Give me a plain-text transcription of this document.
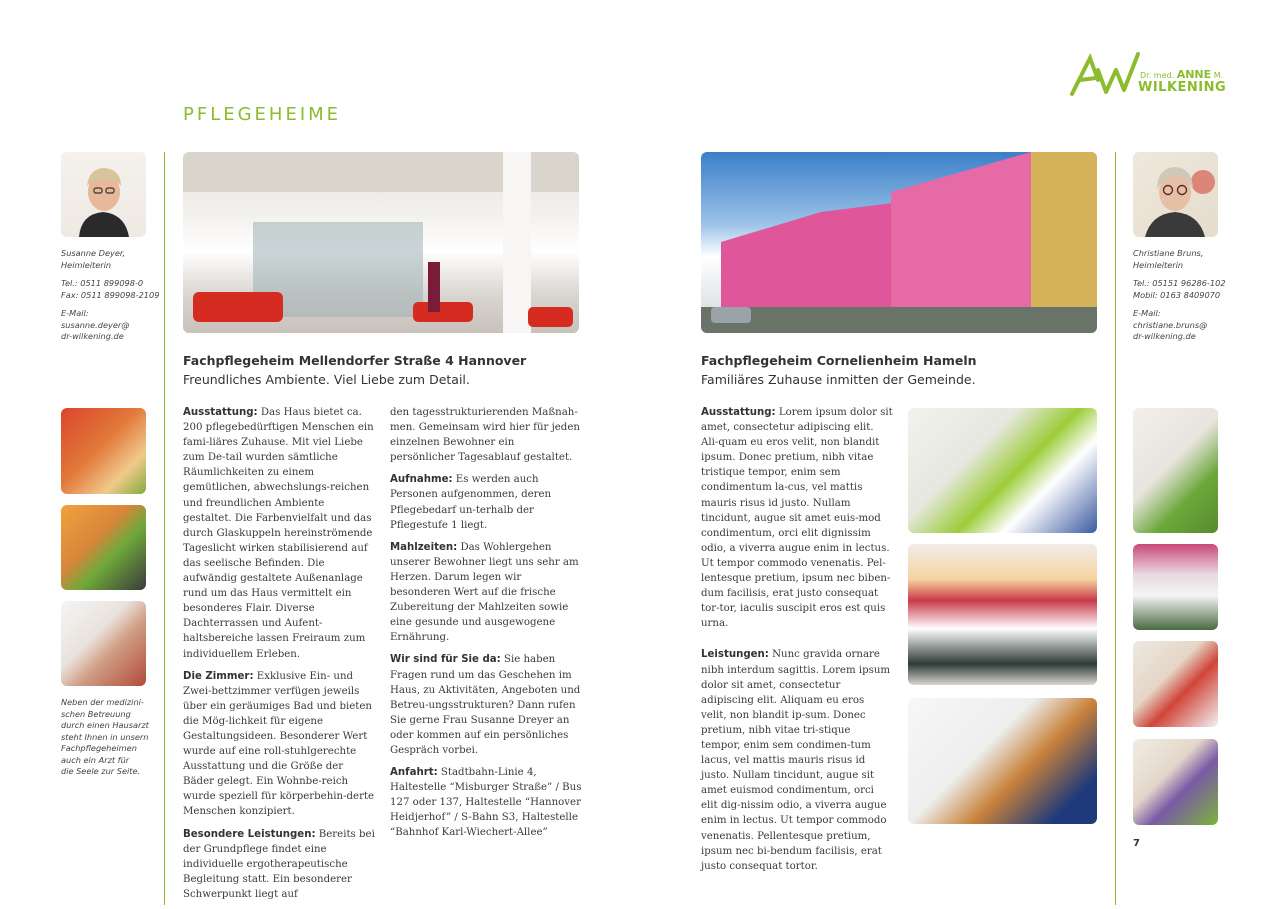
PFLEGEHEIME
Dr. med. ANNE M.
WILKENING

Susanne Deyer,
Heimleiterin

Tel.: 0511 899098-0
Fax: 0511 899098-2109

E-Mail:
susanne.deyer@
dr-wilkening.de

Neben der medizini-
schen Betreuung
durch einen Hausarzt
steht Ihnen in unsern
Fachpflegeheimen
auch ein Arzt für
die Seele zur Seite.
Fachpflegeheim Mellendorfer Straße 4 Hannover
Freundliches Ambiente. Viel Liebe zum Detail.

Ausstattung: Das Haus bietet ca. 200 pflegebedürftigen Menschen ein fami-liäres Zuhause. Mit viel Liebe zum De-tail wurden sämtliche Räumlichkeiten zu einem gemütlichen, abwechslungs-reichen und freundlichen Ambiente gestaltet. Die Farbenvielfalt und das durch Glaskuppeln hereinströmende Tageslicht wirken stabilisierend auf das seelische Befinden. Die aufwändig gestaltete Außenanlage rund um das Haus vermittelt ein besonderes Flair. Diverse Dachterrassen und Aufent-haltsbereiche lassen Freiraum zum individuellem Erleben.

Die Zimmer: Exklusive Ein- und Zwei-bettzimmer verfügen jeweils über ein geräumiges Bad und bieten die Mög-lichkeit für eigene Gestaltungsideen. Besonderer Wert wurde auf eine roll-stuhlgerechte Ausstattung und die Größe der Bäder gelegt. Ein Wohnbe-reich wurde speziell für körperbehin-derte Menschen konzipiert.

Besondere Leistungen: Bereits bei der Grundpflege findet eine individuelle ergotherapeutische Begleitung statt. Ein besonderer Schwerpunkt liegt auf

den tagesstrukturierenden Maßnah-men. Gemeinsam wird hier für jeden einzelnen Bewohner ein persönlicher Tagesablauf gestaltet.

Aufnahme: Es werden auch Personen aufgenommen, deren Pflegebedarf un-terhalb der Pflegestufe 1 liegt.

Mahlzeiten: Das Wohlergehen unserer Bewohner liegt uns sehr am Herzen. Darum legen wir besonderen Wert auf die frische Zubereitung der Mahlzeiten sowie eine gesunde und ausgewogene Ernährung.

Wir sind für Sie da: Sie haben Fragen rund um das Geschehen im Haus, zu Aktivitäten, Angeboten und Betreu-ungsstrukturen? Dann rufen Sie gerne Frau Susanne Dreyer an oder kommen auf ein persönliches Gespräch vorbei.

Anfahrt: Stadtbahn-Linie 4, Haltestelle “Misburger Straße” / Bus 127 oder 137, Haltestelle “Hannover Heidjerhof” / S-Bahn S3, Haltestelle “Bahnhof Karl-Wiechert-Allee”

Fachpflegeheim Cornelienheim Hameln
Familiäres Zuhause inmitten der Gemeinde.

Ausstattung: Lorem ipsum dolor sit amet, consectetur adipiscing elit. Ali-quam eu eros velit, non blandit ipsum. Donec pretium, nibh vitae tristique tempor, enim sem condimentum la-cus, vel mattis mauris risus id justo. Nullam tincidunt, augue sit amet euis-mod condimentum, orci elit dignissim odio, a viverra augue enim in lectus. Ut tempor commodo venenatis. Pel-lentesque pretium, ipsum nec biben-dum facilisis, erat justo consequat tor-tor, iaculis suscipit eros est quis urna.

Leistungen: Nunc gravida ornare nibh interdum sagittis. Lorem ipsum dolor sit amet, consectetur adipiscing elit. Aliquam eu eros velit, non blandit ip-sum. Donec pretium, nibh vitae tri-stique tempor, enim sem condimen-tum lacus, vel mattis mauris risus id justo. Nullam tincidunt, augue sit amet euismod condimentum, orci elit dig-nissim odio, a viverra augue enim in lectus. Ut tempor commodo venenatis. Pellentesque pretium, ipsum nec bi-bendum facilisis, erat justo consequat tortor.

Christiane Bruns,
Heimleiterin

Tel.: 05151 96286-102
Mobil: 0163 8409070

E-Mail:
christiane.bruns@
dr-wilkening.de

7
